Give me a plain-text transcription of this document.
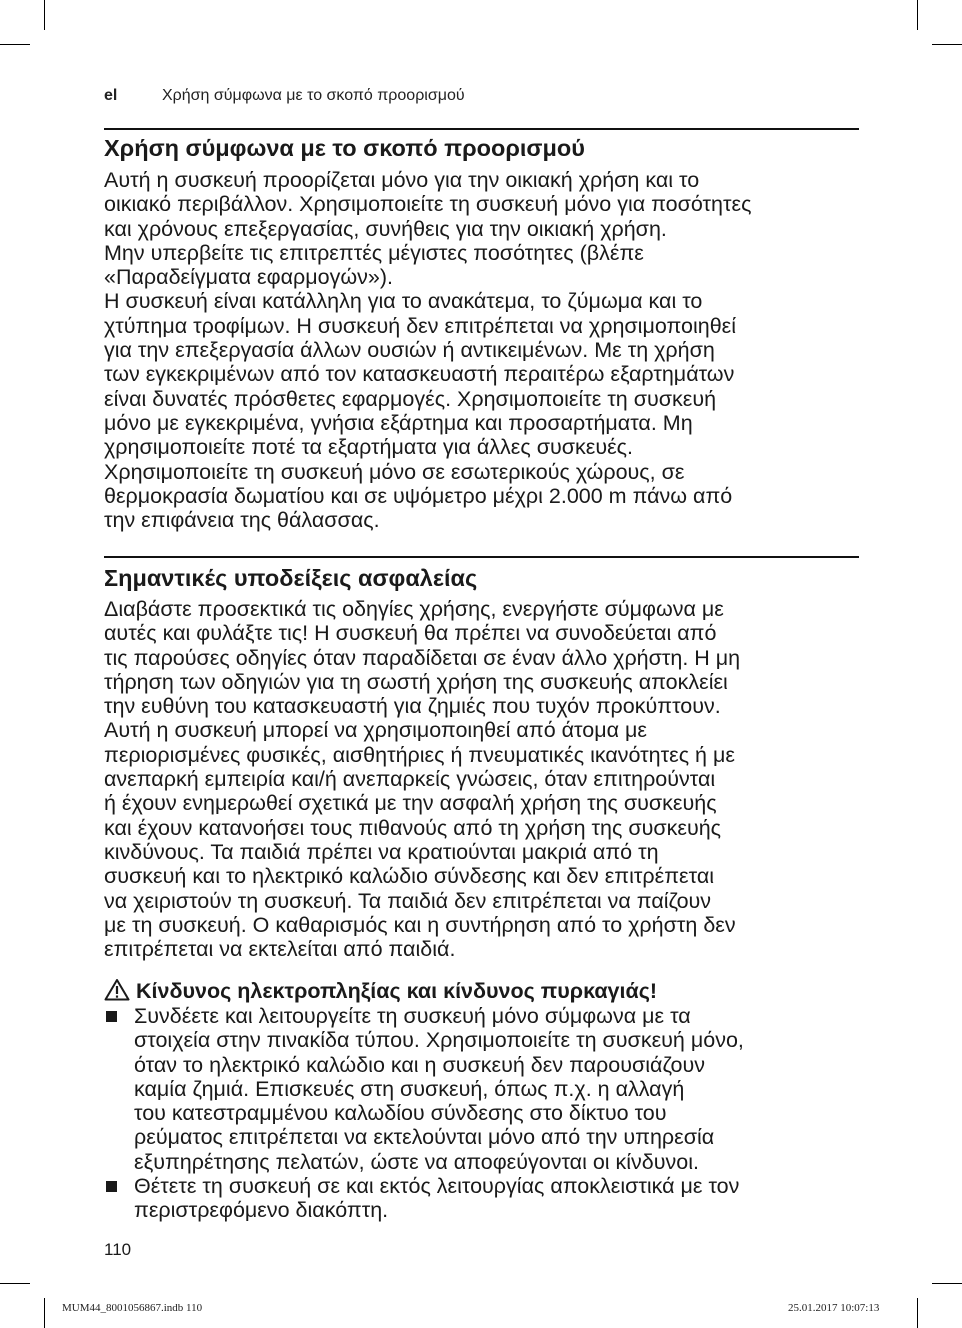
el	Χρήση σύμφωνα με το σκοπό προορισμού
Χρήση σύμφωνα με το σκοπό προορισμού
Αυτή η συσκευή προορίζεται μόνο για την οικιακή χρήση και το
οικιακό περιβάλλον. Χρησιμοποιείτε τη συσκευή μόνο για ποσότητες
και χρόνους επεξεργασίας, συνήθεις για την οικιακή χρήση.
Μην υπερβείτε τις επιτρεπτές μέγιστες ποσότητες (βλέπε
«Παραδείγματα εφαρμογών»).
Η συσκευή είναι κατάλληλη για το ανακάτεμα, το ζύμωμα και το
χτύπημα τροφίμων. Η συσκευή δεν επιτρέπεται να χρησιμοποιηθεί
για την επεξεργασία άλλων ουσιών ή αντικειμένων. Με τη χρήση
των εγκεκριμένων από τον κατασκευαστή περαιτέρω εξαρτημάτων
είναι δυνατές πρόσθετες εφαρμογές. Χρησιμοποιείτε τη συσκευή
μόνο με εγκεκριμένα, γνήσια εξάρτημα και προσαρτήματα. Μη
χρησιμοποιείτε ποτέ τα εξαρτήματα για άλλες συσκευές.
Χρησιμοποιείτε τη συσκευή μόνο σε εσωτερικούς χώρους, σε
θερμοκρασία δωματίου και σε υψόμετρο μέχρι 2.000 m πάνω από
την επιφάνεια της θάλασσας.
Σημαντικές υποδείξεις ασφαλείας
Διαβάστε προσεκτικά τις οδηγίες χρήσης, ενεργήστε σύμφωνα με
αυτές και φυλάξτε τις! Η συσκευή θα πρέπει να συνοδεύεται από
τις παρούσες οδηγίες όταν παραδίδεται σε έναν άλλο χρήστη. Η μη
τήρηση των οδηγιών για τη σωστή χρήση της συσκευής αποκλείει
την ευθύνη του κατασκευαστή για ζημιές που τυχόν προκύπτουν.
Αυτή η συσκευή μπορεί να χρησιμοποιηθεί από άτομα με
περιορισμένες φυσικές, αισθητήριες ή πνευματικές ικανότητες ή με
ανεπαρκή εμπειρία και/ή ανεπαρκείς γνώσεις, όταν επιτηρούνται
ή έχουν ενημερωθεί σχετικά με την ασφαλή χρήση της συσκευής
και έχουν κατανοήσει τους πιθανούς από τη χρήση της συσκευής
κινδύνους. Τα παιδιά πρέπει να κρατιούνται μακριά από τη
συσκευή και το ηλεκτρικό καλώδιο σύνδεσης και δεν επιτρέπεται
να χειριστούν τη συσκευή. Τα παιδιά δεν επιτρέπεται να παίζουν
με τη συσκευή. Ο καθαρισμός και η συντήρηση από το χρήστη δεν
επιτρέπεται να εκτελείται από παιδιά.
Κίνδυνος ηλεκτροπληξίας και κίνδυνος πυρκαγιάς!
Συνδέετε και λειτουργείτε τη συσκευή μόνο σύμφωνα με τα
στοιχεία στην πινακίδα τύπου. Χρησιμοποιείτε τη συσκευή μόνο,
όταν το ηλεκτρικό καλώδιο και η συσκευή δεν παρουσιάζουν
καμία ζημιά. Επισκευές στη συσκευή, όπως π.χ. η αλλαγή
του κατεστραμμένου καλωδίου σύνδεσης στο δίκτυο του
ρεύματος επιτρέπεται να εκτελούνται μόνο από την υπηρεσία
εξυπηρέτησης πελατών, ώστε να αποφεύγονται οι κίνδυνοι.
Θέτετε τη συσκευή σε και εκτός λειτουργίας αποκλειστικά με τον
περιστρεφόμενο διακόπτη.
110
MUM44_8001056867.indb 110	25.01.2017 10:07:13
